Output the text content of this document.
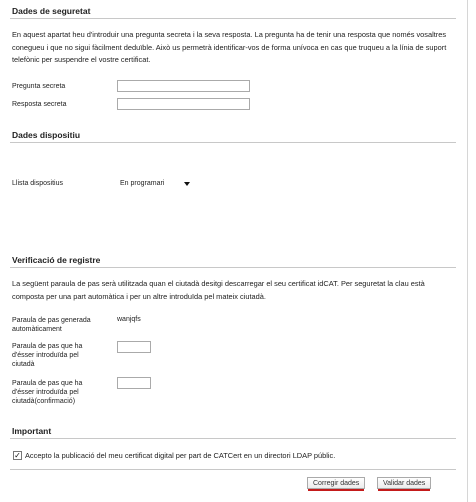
Dades de seguretat
En aquest apartat heu d'introduir una pregunta secreta i la seva resposta. La pregunta ha de tenir una resposta que només vosaltres conegueu i que no sigui fàcilment deduïble. Això us permetrà identificar-vos de forma unívoca en cas que truqueu a la línia de suport telefònic per suspendre el vostre certificat.
Pregunta secreta
Resposta secreta
Dades dispositiu
Llista dispositius	En programari
Verificació de registre
La següent paraula de pas serà utilitzada quan el ciutadà desitgi descarregar el seu certificat idCAT. Per seguretat la clau està composta per una part automàtica i per un altre introduïda pel mateix ciutadà.
Paraula de pas generada
automàticament
wanjqfs
Paraula de pas que ha
d'ésser introduïda pel
ciutadà
Paraula de pas que ha
d'ésser introduïda pel
ciutadà(confirmació)
Important
✓ Accepto la publicació del meu certificat digital per part de CATCert en un directori LDAP públic.
Corregir dades	Validar dades
